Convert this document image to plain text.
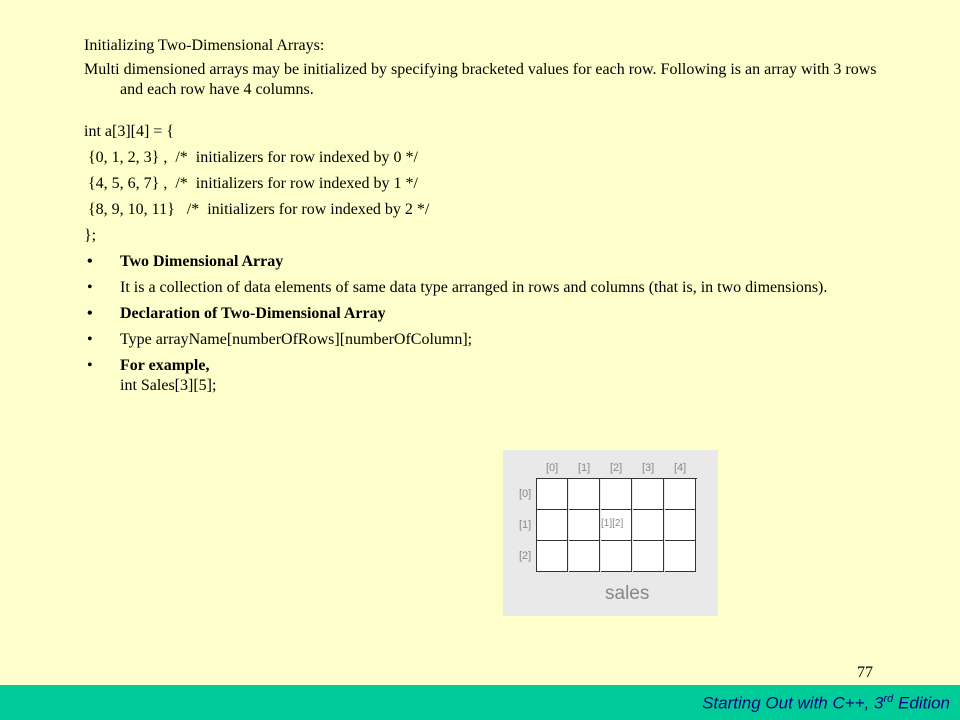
Initializing Two-Dimensional Arrays:

Multi dimensioned arrays may be initialized by specifying bracketed values for each row. Following is an array with 3 rows and each row have 4 columns.

int a[3][4] = {

{0, 1, 2, 3} ,  /*  initializers for row indexed by 0 */

{4, 5, 6, 7} ,  /*  initializers for row indexed by 1 */

{8, 9, 10, 11}   /*  initializers for row indexed by 2 */

};

• Two Dimensional Array
• It is a collection of data elements of same data type arranged in rows and columns (that is, in two dimensions).
• Declaration of Two-Dimensional Array
• Type arrayName[numberOfRows][numberOfColumn];
• For example,
int Sales[3][5];
[0] [1] [2] [3] [4]
[0]
[1]
[2]
[1][2]
sales
77
Starting Out with C++, 3rd Edition
